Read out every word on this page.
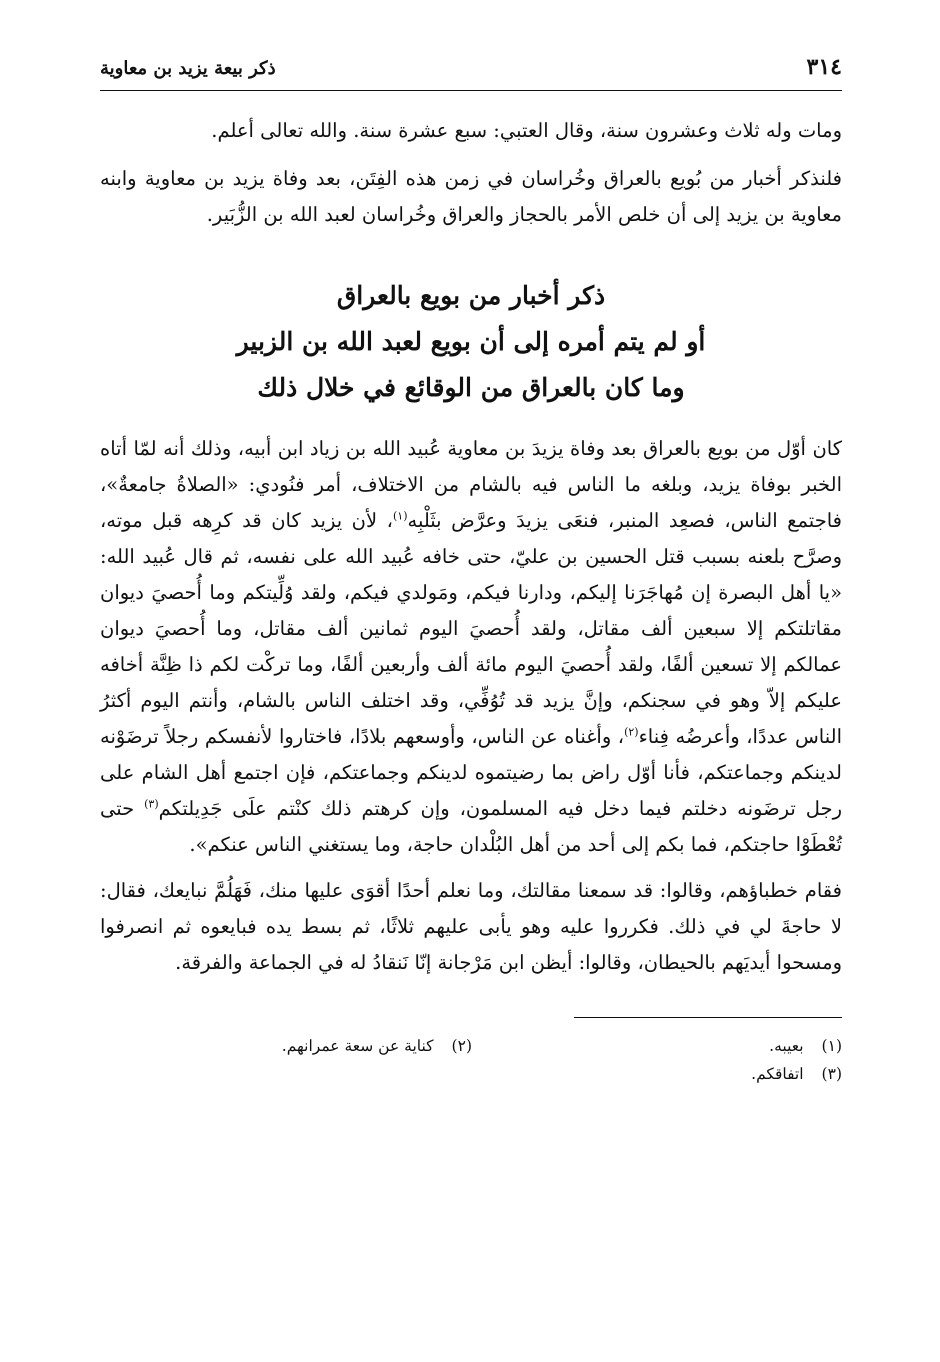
٣١٤
ذكر بيعة يزيد بن معاوية

ومات وله ثلاث وعشرون سنة، وقال العتبي: سبع عشرة سنة. والله تعالى أعلم.

فلنذكر أخبار من بُويع بالعراق وخُراسان في زمن هذه الفِتَن، بعد وفاة يزيد بن معاوية وابنه معاوية بن يزيد إلى أن خلص الأمر بالحجاز والعراق وخُراسان لعبد الله بن الزُّبَير.

ذكر أخبار من بويع بالعراق
أو لم يتم أمره إلى أن بويع لعبد الله بن الزبير
وما كان بالعراق من الوقائع في خلال ذلك

كان أوّل من بويع بالعراق بعد وفاة يزيدَ بن معاوية عُبيد الله بن زياد ابن أبيه، وذلك أنه لمّا أتاه الخبر بوفاة يزيد، وبلغه ما الناس فيه بالشام من الاختلاف، أمر فنُودي: «الصلاةُ جامعةٌ»، فاجتمع الناس، فصعِد المنبر، فنعَى يزيدَ وعرَّض بثَلْبِه$^{(١)}$، لأن يزيد كان قد كرِهه قبل موته، وصرَّح بلعنه بسبب قتل الحسين بن عليّ، حتى خافه عُبيد الله على نفسه، ثم قال عُبيد الله: «يا أهل البصرة إن مُهاجَرَنا إليكم، ودارنا فيكم، ومَولدي فيكم، ولقد وُلِّيتكم وما أُحصيَ ديوان مقاتلتكم إلا سبعين ألف مقاتل، ولقد أُحصيَ اليوم ثمانين ألف مقاتل، وما أُحصيَ ديوان عمالكم إلا تسعين ألفًا، ولقد أُحصيَ اليوم مائة ألف وأربعين ألفًا، وما تركْت لكم ذا ظِنَّة أخافه عليكم إلاّ وهو في سجنكم، وإنَّ يزيد قد تُوُفِّي، وقد اختلف الناس بالشام، وأنتم اليوم أكثرُ الناس عددًا، وأعرضُه فِناء$^{(٢)}$، وأغناه عن الناس، وأوسعهم بلادًا، فاختاروا لأنفسكم رجلاً ترضَوْنه لدينكم وجماعتكم، فأنا أوّل راض بما رضيتموه لدينكم وجماعتكم، فإن اجتمع أهل الشام على رجل ترضَونه دخلتم فيما دخل فيه المسلمون، وإن كرهتم ذلك كنْتم علَى جَدِيلتكم$^{(٣)}$ حتى تُعْطَوْا حاجتكم، فما بكم إلى أحد من أهل البُلْدان حاجة، وما يستغني الناس عنكم».

فقام خطباؤهم، وقالوا: قد سمعنا مقالتك، وما نعلم أحدًا أقوَى عليها منك، فَهَلُمَّ نبايعك، فقال: لا حاجةَ لي في ذلك. فكرروا عليه وهو يأبى عليهم ثلاثًا، ثم بسط يده فبايعوه ثم انصرفوا ومسحوا أيديَهم بالحيطان، وقالوا: أيظن ابن مَرْجانة إنّا نَنقادُ له في الجماعة والفرقة.

(١)بعيبه.
(٢)كناية عن سعة عمرانهم.
(٣)اتفاقكم.
